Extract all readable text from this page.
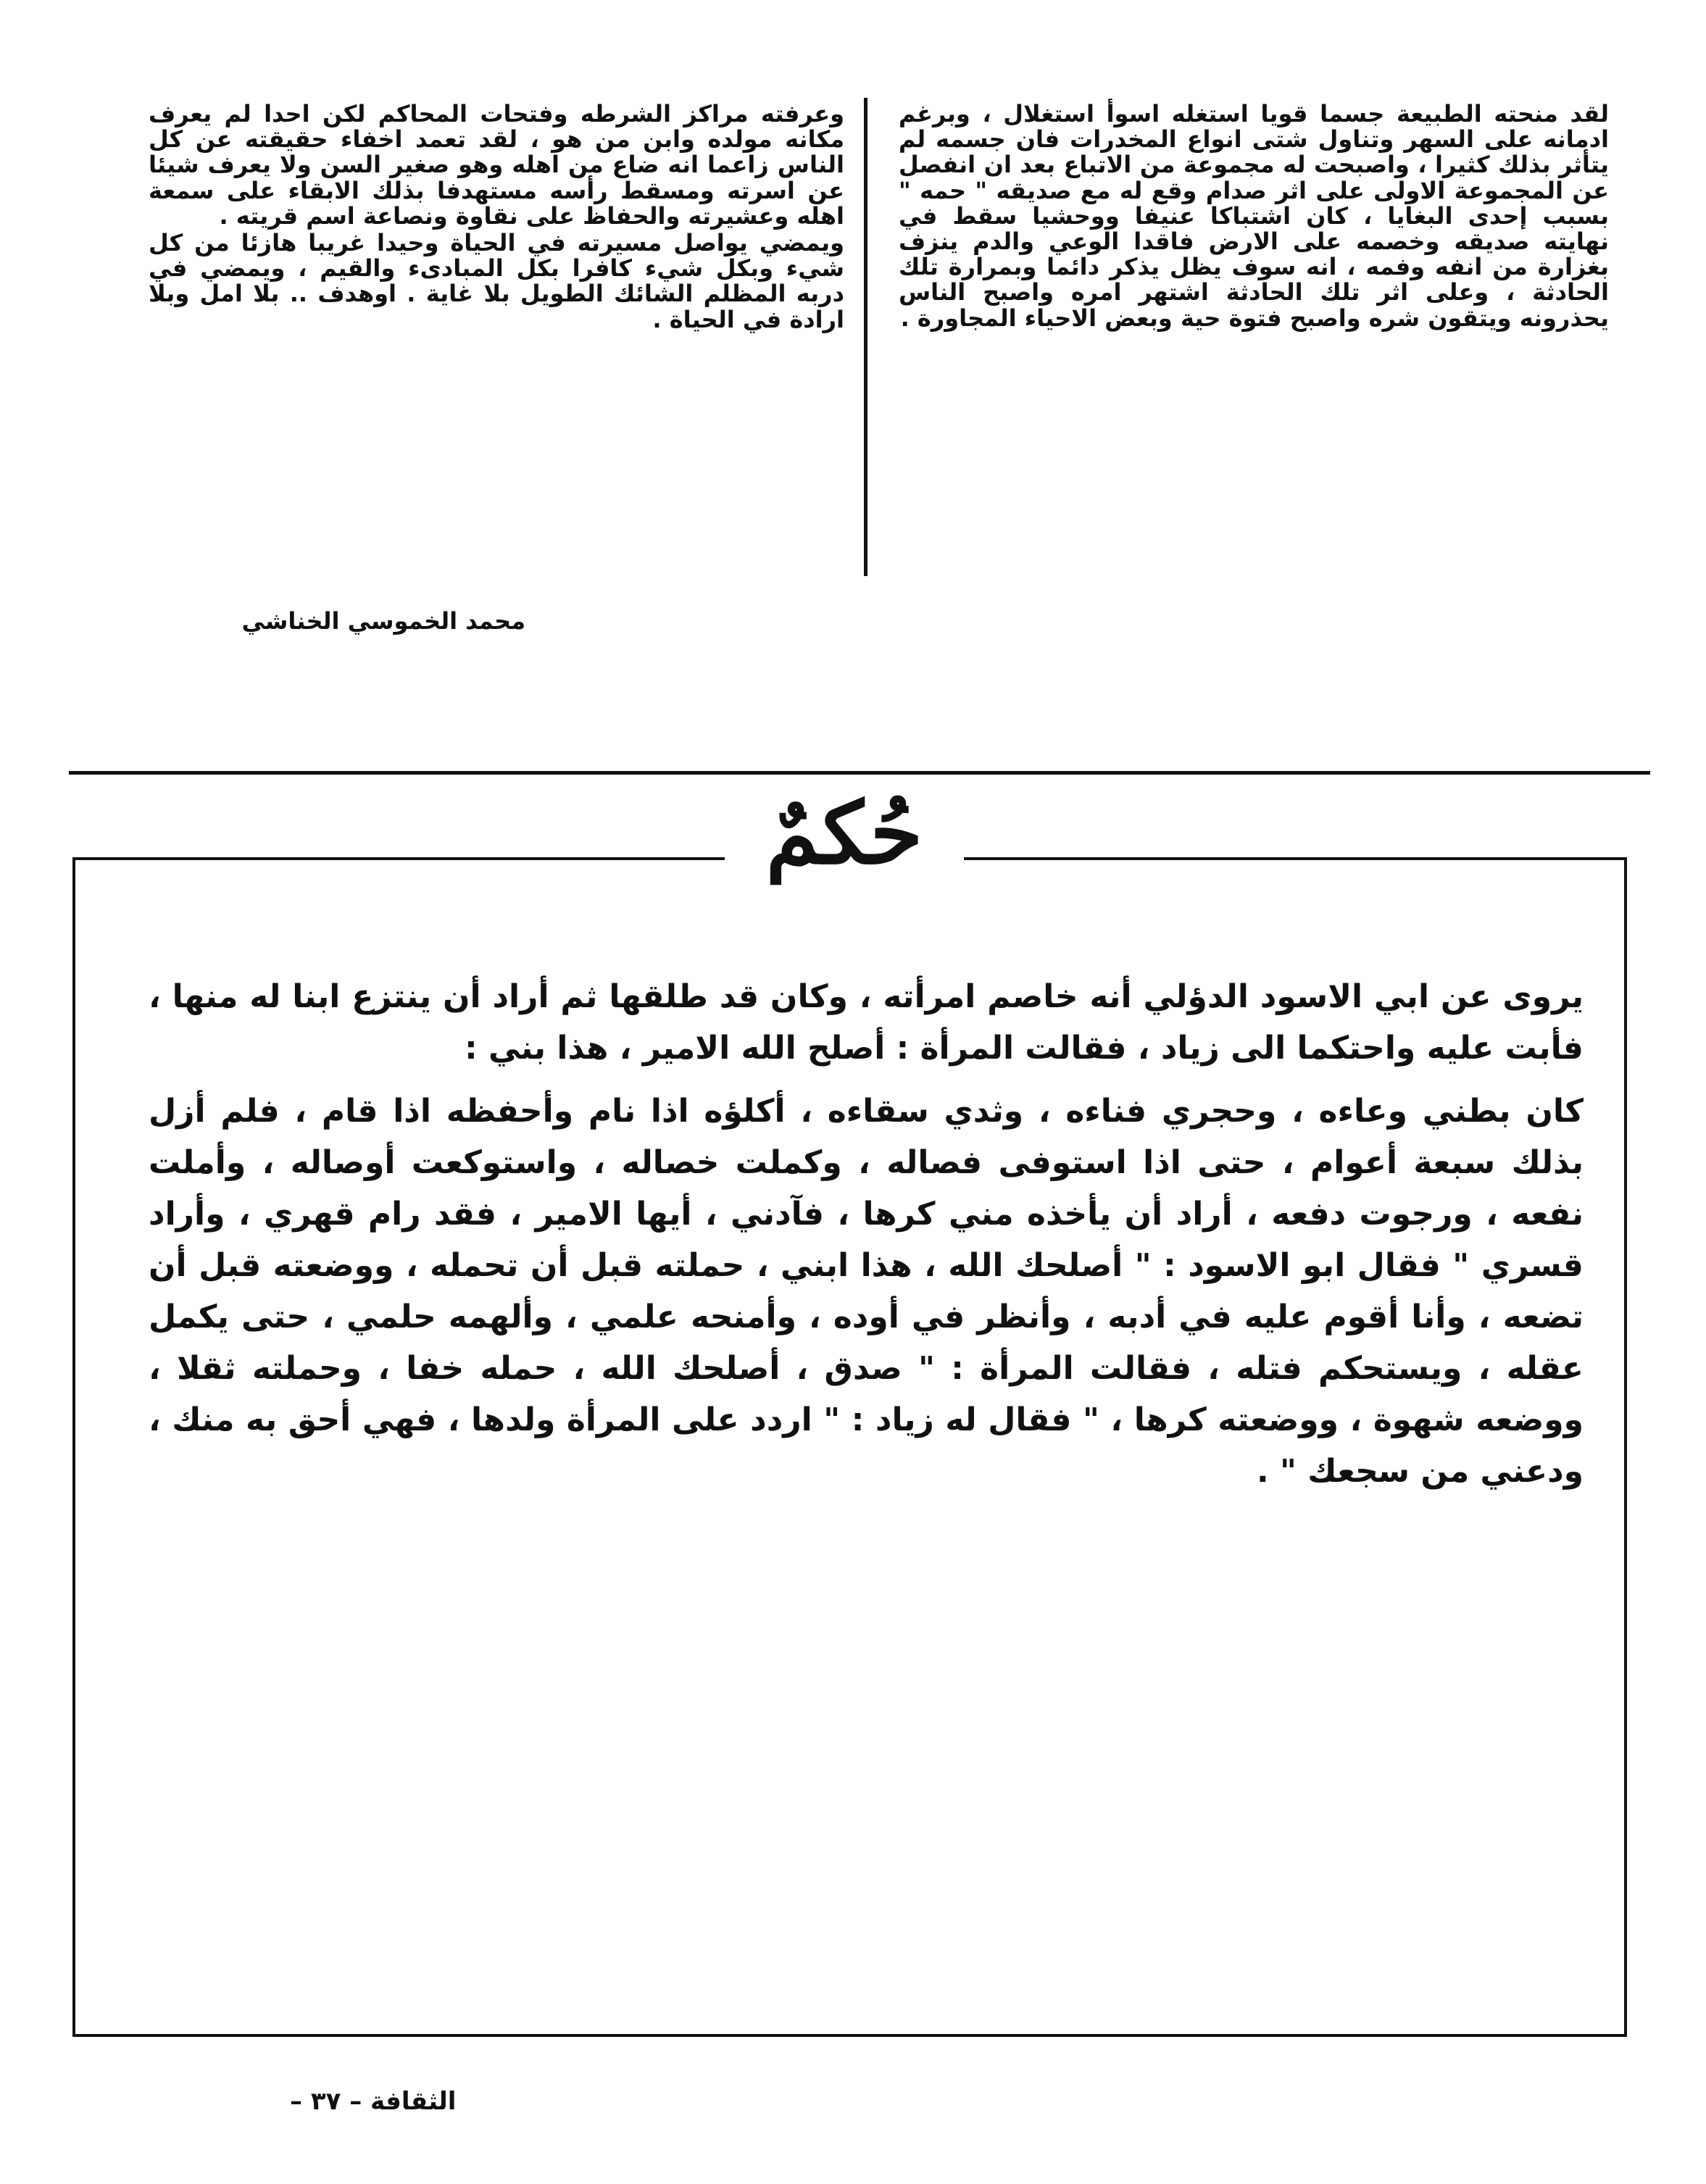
لقد منحته الطبيعة جسما قويا استغله اسوأ استغلال ، وبرغم ادمانه على السهر وتناول شتى انواع المخدرات فان جسمه لم يتأثر بذلك كثيرا ، واصبحت له مجموعة من الاتباع بعد ان انفصل عن المجموعة الاولى على اثر صدام وقع له مع صديقه " حمه " بسبب إحدى البغايا ، كان اشتباكا عنيفا ووحشيا سقط في نهايته صديقه وخصمه على الارض فاقدا الوعي والدم ينزف بغزارة من انفه وفمه ، انه سوف يظل يذكر دائما وبمرارة تلك الحادثة ، وعلى اثر تلك الحادثة اشتهر امره واصبح الناس يحذرونه ويتقون شره واصبح فتوة حية وبعض الاحياء المجاورة .

وعرفته مراكز الشرطه وفتحات المحاكم لكن احدا لم يعرف مكانه مولده وابن من هو ، لقد تعمد اخفاء حقيقته عن كل الناس زاعما انه ضاع من اهله وهو صغير السن ولا يعرف شيئا عن اسرته ومسقط رأسه مستهدفا بذلك الابقاء على سمعة اهله وعشيرته والحفاظ على نقاوة ونصاعة اسم قريته .

ويمضي يواصل مسيرته في الحياة وحيدا غريبا هازئا من كل شيء وبكل شيء كافرا بكل المبادىء والقيم ، ويمضي في دربه المظلم الشائك الطويل بلا غاية . اوهدف .. بلا امل وبلا ارادة في الحياة .

محمد الخموسي الخناشي
حُكمٌ

يروى عن ابي الاسود الدؤلي أنه خاصم امرأته ، وكان قد طلقها ثم أراد أن ينتزع ابنا له منها ، فأبت عليه واحتكما الى زياد ، فقالت المرأة : أصلح الله الامير ، هذا بني :

كان بطني وعاءه ، وحجري فناءه ، وثدي سقاءه ، أكلؤه اذا نام وأحفظه اذا قام ، فلم أزل بذلك سبعة أعوام ، حتى اذا استوفى فصاله ، وكملت خصاله ، واستوكعت أوصاله ، وأملت نفعه ، ورجوت دفعه ، أراد أن يأخذه مني كرها ، فآدني ، أيها الامير ، فقد رام قهري ، وأراد قسري " فقال ابو الاسود : " أصلحك الله ، هذا ابني ، حملته قبل أن تحمله ، ووضعته قبل أن تضعه ، وأنا أقوم عليه في أدبه ، وأنظر في أوده ، وأمنحه علمي ، وألهمه حلمي ، حتى يكمل عقله ، ويستحكم فتله ، فقالت المرأة : " صدق ، أصلحك الله ، حمله خفا ، وحملته ثقلا ، ووضعه شهوة ، ووضعته كرها ، " فقال له زياد : " اردد على المرأة ولدها ، فهي أحق به منك ، ودعني من سجعك " .

الثقافة – ٣٧ –
